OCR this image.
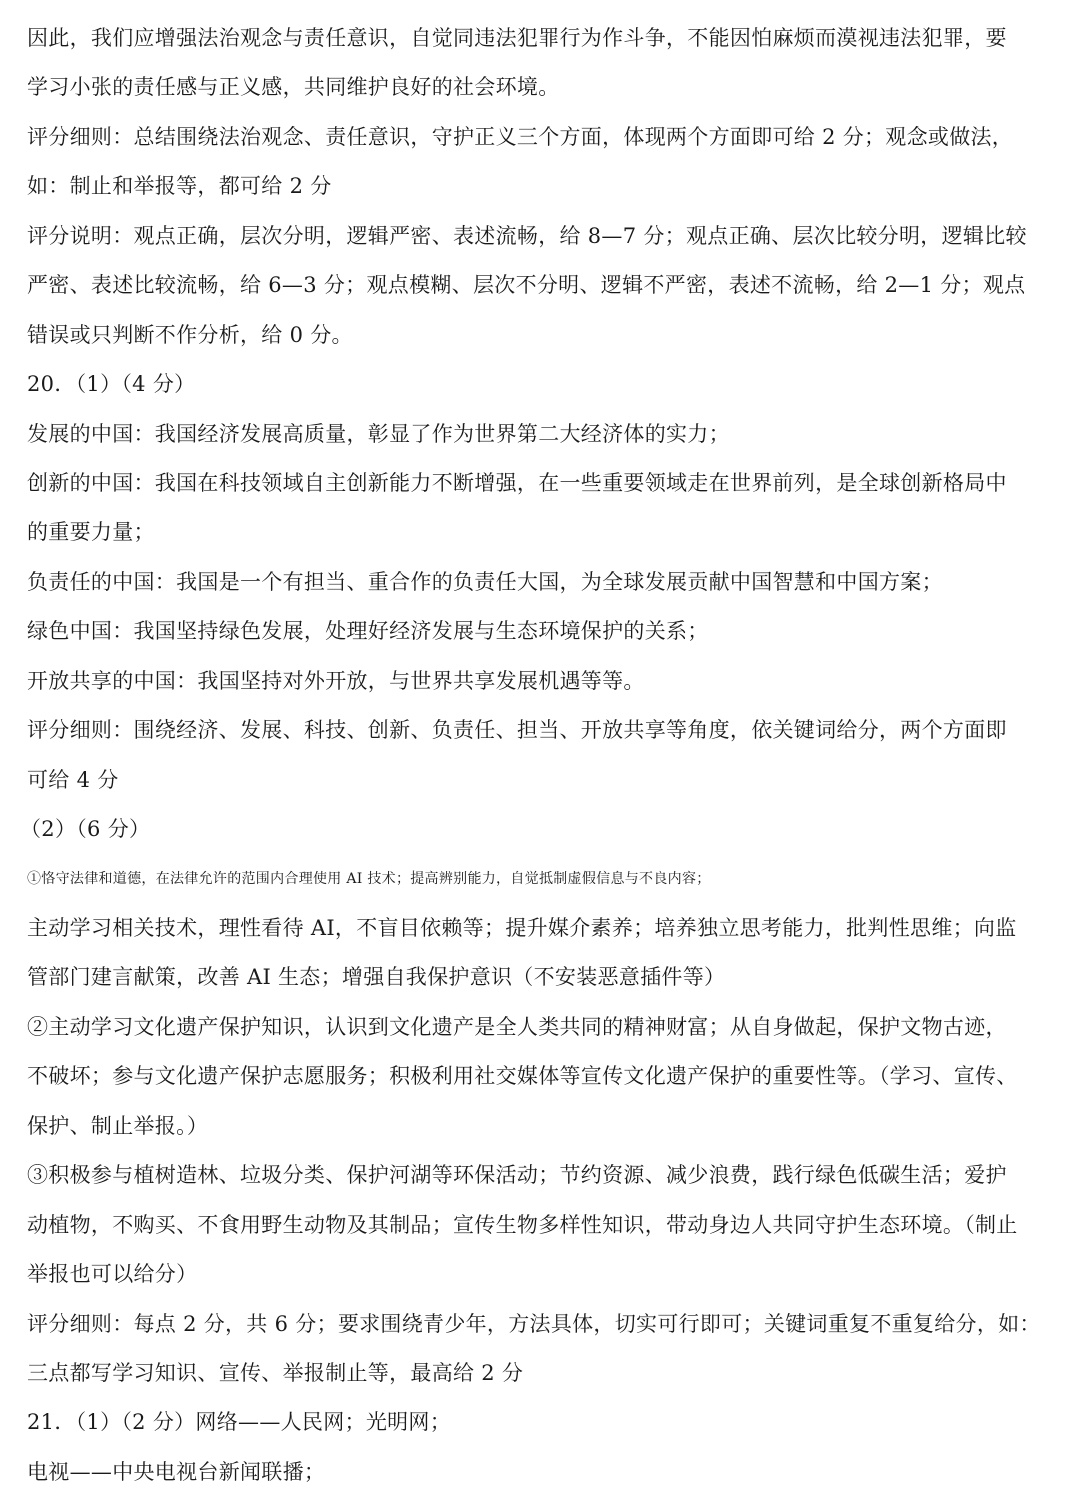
因此，我们应增强法治观念与责任意识，自觉同违法犯罪行为作斗争，不能因怕麻烦而漠视违法犯罪，要
学习小张的责任感与正义感，共同维护良好的社会环境。
评分细则：总结围绕法治观念、责任意识，守护正义三个方面，体现两个方面即可给 2 分；观念或做法，
如：制止和举报等，都可给 2 分
评分说明：观点正确，层次分明，逻辑严密、表述流畅，给 8—7 分；观点正确、层次比较分明，逻辑比较
严密、表述比较流畅，给 6—3 分；观点模糊、层次不分明、逻辑不严密，表述不流畅，给 2—1 分；观点
错误或只判断不作分析，给 0 分。
20．（1）（4 分）
发展的中国：我国经济发展高质量，彰显了作为世界第二大经济体的实力；
创新的中国：我国在科技领域自主创新能力不断增强，在一些重要领域走在世界前列，是全球创新格局中
的重要力量；
负责任的中国：我国是一个有担当、重合作的负责任大国，为全球发展贡献中国智慧和中国方案；
绿色中国：我国坚持绿色发展，处理好经济发展与生态环境保护的关系；
开放共享的中国：我国坚持对外开放，与世界共享发展机遇等等。
评分细则：围绕经济、发展、科技、创新、负责任、担当、开放共享等角度，依关键词给分，两个方面即
可给 4 分
（2）（6 分）
①恪守法律和道德，在法律允许的范围内合理使用 AI 技术；提高辨别能力，自觉抵制虚假信息与不良内容；
主动学习相关技术，理性看待 AI，不盲目依赖等；提升媒介素养；培养独立思考能力，批判性思维；向监
管部门建言献策，改善 AI 生态；增强自我保护意识（不安装恶意插件等）
②主动学习文化遗产保护知识，认识到文化遗产是全人类共同的精神财富；从自身做起，保护文物古迹，
不破坏；参与文化遗产保护志愿服务；积极利用社交媒体等宣传文化遗产保护的重要性等。（学习、宣传、
保护、制止举报。）
③积极参与植树造林、垃圾分类、保护河湖等环保活动；节约资源、减少浪费，践行绿色低碳生活；爱护
动植物，不购买、不食用野生动物及其制品；宣传生物多样性知识，带动身边人共同守护生态环境。（制止
举报也可以给分）
评分细则：每点 2 分，共 6 分；要求围绕青少年，方法具体，切实可行即可；关键词重复不重复给分，如：
三点都写学习知识、宣传、举报制止等，最高给 2 分
21．（1）（2 分）网络——人民网；光明网；
电视——中央电视台新闻联播；
